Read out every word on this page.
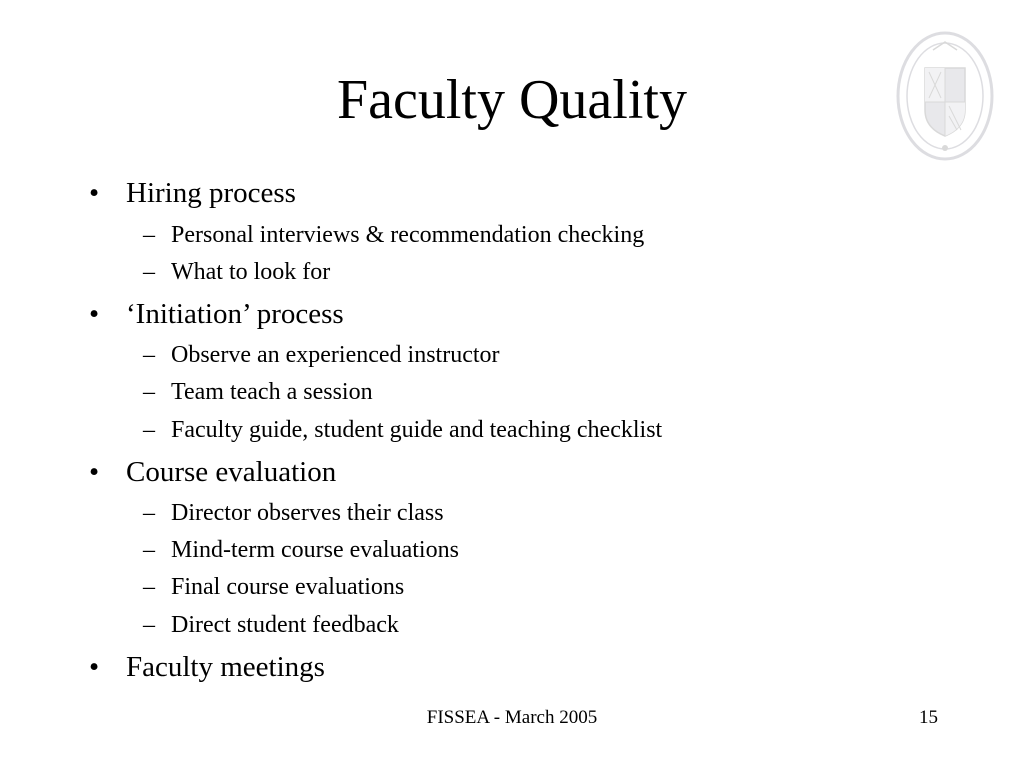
Faculty Quality
• Hiring process
– Personal interviews & recommendation checking
– What to look for
• ‘Initiation’ process
– Observe an experienced instructor
– Team teach a session
– Faculty guide, student guide and teaching checklist
• Course evaluation
– Director observes their class
– Mind-term course evaluations
– Final course evaluations
– Direct student feedback
• Faculty meetings
FISSEA - March 2005	15
